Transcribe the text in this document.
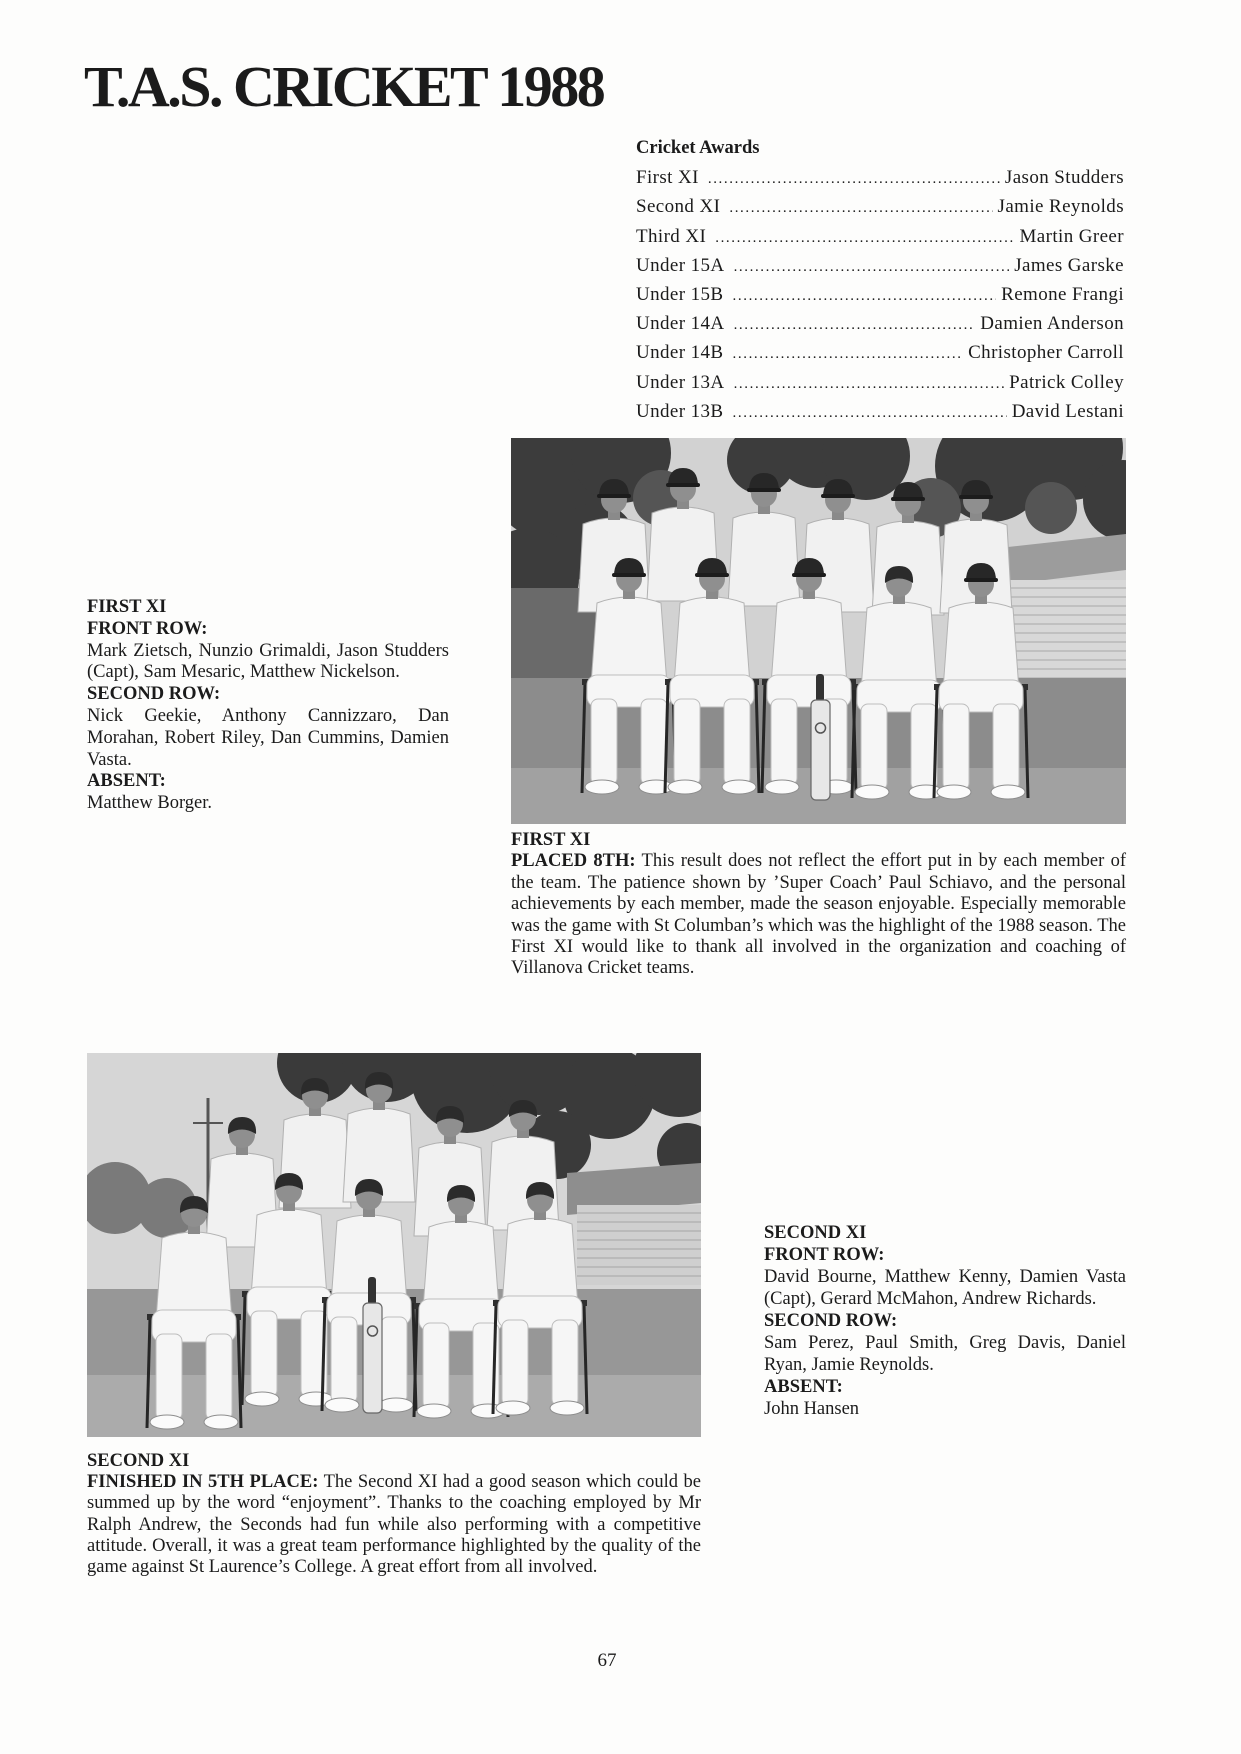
T.A.S. CRICKET 1988
Cricket Awards
First XI .....	Jason Studders
Second XI .....	Jamie Reynolds
Third XI .....	Martin Greer
Under 15A .....	James Garske
Under 15B .....	Remone Frangi
Under 14A .....	Damien Anderson
Under 14B .....	Christopher Carroll
Under 13A .....	Patrick Colley
Under 13B .....	David Lestani
FIRST XI
FRONT ROW:
Mark Zietsch, Nunzio Grimaldi, Jason Studders (Capt), Sam Mesaric, Matthew Nickelson.
SECOND ROW:
Nick Geekie, Anthony Cannizzaro, Dan Morahan, Robert Riley, Dan Cummins, Damien Vasta.
ABSENT:
Matthew Borger.
FIRST XI
PLACED 8TH: This result does not reflect the effort put in by each member of the team. The patience shown by ’Super Coach’ Paul Schiavo, and the personal achievements by each member, made the season enjoyable. Especially memorable was the game with St Columban’s which was the highlight of the 1988 season. The First XI would like to thank all involved in the organization and coaching of Villanova Cricket teams.
SECOND XI
FRONT ROW:
David Bourne, Matthew Kenny, Damien Vasta (Capt), Gerard McMahon, Andrew Richards.
SECOND ROW:
Sam Perez, Paul Smith, Greg Davis, Daniel Ryan, Jamie Reynolds.
ABSENT:
John Hansen
SECOND XI
FINISHED IN 5TH PLACE: The Second XI had a good season which could be summed up by the word “enjoyment”. Thanks to the coaching employed by Mr Ralph Andrew, the Seconds had fun while also performing with a competitive attitude. Overall, it was a great team performance highlighted by the quality of the game against St Laurence’s College. A great effort from all involved.
67
